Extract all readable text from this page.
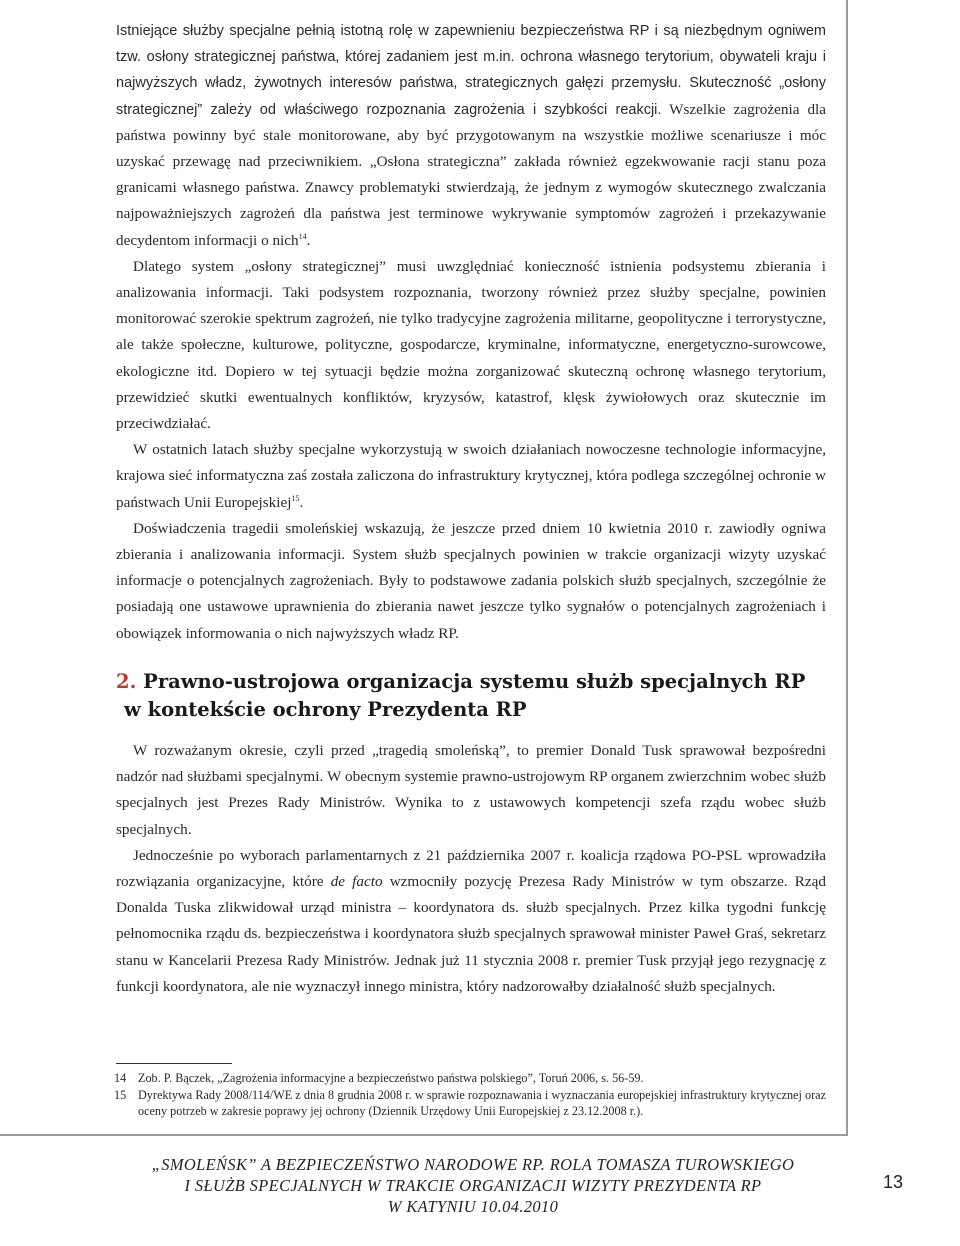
Istniejące służby specjalne pełnią istotną rolę w zapewnieniu bezpieczeństwa RP i są niezbędnym ogniwem tzw. osłony strategicznej państwa, której zadaniem jest m.in. ochrona własnego terytorium, obywateli kraju i najwyższych władz, żywotnych interesów państwa, strategicznych gałęzi przemysłu. Skuteczność „osłony strategicznej” zależy od właściwego rozpoznania zagrożenia i szybkości reakcji. Wszelkie zagrożenia dla państwa powinny być stale monitorowane, aby być przygotowanym na wszystkie możliwe scenariusze i móc uzyskać przewagę nad przeciwnikiem. „Osłona strategiczna” zakłada również egzekwowanie racji stanu poza granicami własnego państwa. Znawcy problematyki stwierdzają, że jednym z wymogów skutecznego zwalczania najpoważniejszych zagrożeń dla państwa jest terminowe wykrywanie symptomów zagrożeń i przekazywanie decydentom informacji o nich$^{14}$.

Dlatego system „osłony strategicznej” musi uwzględniać konieczność istnienia podsystemu zbierania i analizowania informacji. Taki podsystem rozpoznania, tworzony również przez służby specjalne, powinien monitorować szerokie spektrum zagrożeń, nie tylko tradycyjne zagrożenia militarne, geopolityczne i terrorystyczne, ale także społeczne, kulturowe, polityczne, gospodarcze, kryminalne, informatyczne, energetyczno-surowcowe, ekologiczne itd. Dopiero w tej sytuacji będzie można zorganizować skuteczną ochronę własnego terytorium, przewidzieć skutki ewentualnych konfliktów, kryzysów, katastrof, klęsk żywiołowych oraz skutecznie im przeciwdziałać.

W ostatnich latach służby specjalne wykorzystują w swoich działaniach nowoczesne technologie informacyjne, krajowa sieć informatyczna zaś została zaliczona do infrastruktury krytycznej, która podlega szczególnej ochronie w państwach Unii Europejskiej$^{15}$.

Doświadczenia tragedii smoleńskiej wskazują, że jeszcze przed dniem 10 kwietnia 2010 r. zawiodły ogniwa zbierania i analizowania informacji. System służb specjalnych powinien w trakcie organizacji wizyty uzyskać informacje o potencjalnych zagrożeniach. Były to podstawowe zadania polskich służb specjalnych, szczególnie że posiadają one ustawowe uprawnienia do zbierania nawet jeszcze tylko sygnałów o potencjalnych zagrożeniach i obowiązek informowania o nich najwyższych władz RP.

2. Prawno-ustrojowa organizacja systemu służb specjalnych RP
w kontekście ochrony Prezydenta RP

W rozważanym okresie, czyli przed „tragedią smoleńską”, to premier Donald Tusk sprawował bezpośredni nadzór nad służbami specjalnymi. W obecnym systemie prawno-ustrojowym RP organem zwierzchnim wobec służb specjalnych jest Prezes Rady Ministrów. Wynika to z ustawowych kompetencji szefa rządu wobec służb specjalnych.

Jednocześnie po wyborach parlamentarnych z 21 października 2007 r. koalicja rządowa PO-PSL wprowadziła rozwiązania organizacyjne, które de facto wzmocniły pozycję Prezesa Rady Ministrów w tym obszarze. Rząd Donalda Tuska zlikwidował urząd ministra – koordynatora ds. służb specjalnych. Przez kilka tygodni funkcję pełnomocnika rządu ds. bezpieczeństwa i koordynatora służb specjalnych sprawował minister Paweł Graś, sekretarz stanu w Kancelarii Prezesa Rady Ministrów. Jednak już 11 stycznia 2008 r. premier Tusk przyjął jego rezygnację z funkcji koordynatora, ale nie wyznaczył innego ministra, który nadzorowałby działalność służb specjalnych.

14 Zob. P. Bączek, „Zagrożenia informacyjne a bezpieczeństwo państwa polskiego”, Toruń 2006, s. 56-59.
15 Dyrektywa Rady 2008/114/WE z dnia 8 grudnia 2008 r. w sprawie rozpoznawania i wyznaczania europejskiej infrastruktury krytycznej oraz oceny potrzeb w zakresie poprawy jej ochrony (Dziennik Urzędowy Unii Europejskiej z 23.12.2008 r.).
„SMOLEŃSK” A BEZPIECZEŃSTWO NARODOWE RP. ROLA TOMASZA TUROWSKIEGO
I SŁUŻB SPECJALNYCH W TRAKCIE ORGANIZACJI WIZYTY PREZYDENTA RP
W KATYNIU 10.04.2010
13
